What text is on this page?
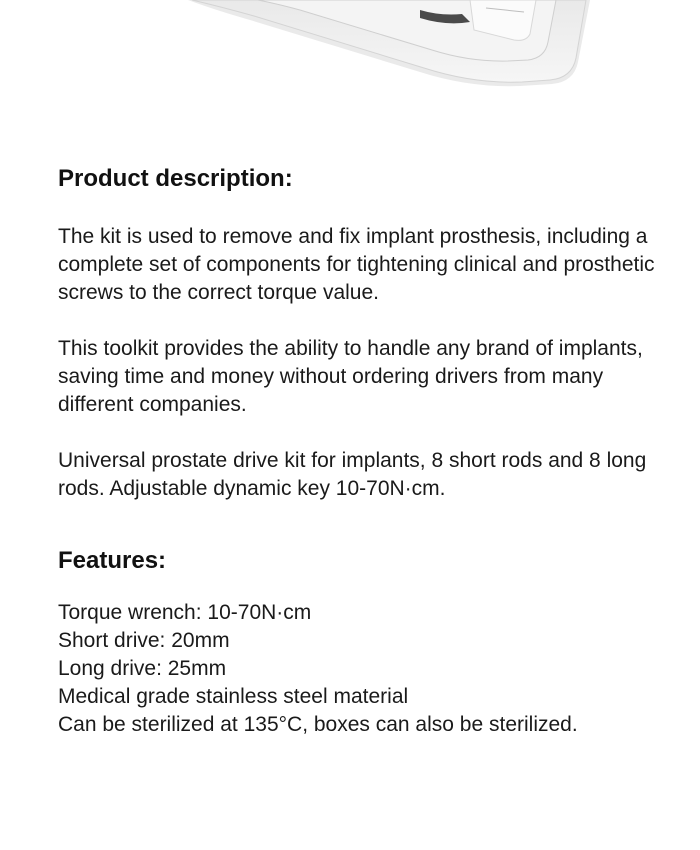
Product description:

The kit is used to remove and fix implant prosthesis, including a complete set of components for tightening clinical and prosthetic screws to the correct torque value.

This toolkit provides the ability to handle any brand of implants, saving time and money without ordering drivers from many different companies.

Universal prostate drive kit for implants, 8 short rods and 8 long rods. Adjustable dynamic key 10-70N·cm.

Features:
Torque wrench: 10-70N·cm
Short drive: 20mm
Long drive: 25mm
Medical grade stainless steel material
Can be sterilized at 135°C, boxes can also be sterilized.
